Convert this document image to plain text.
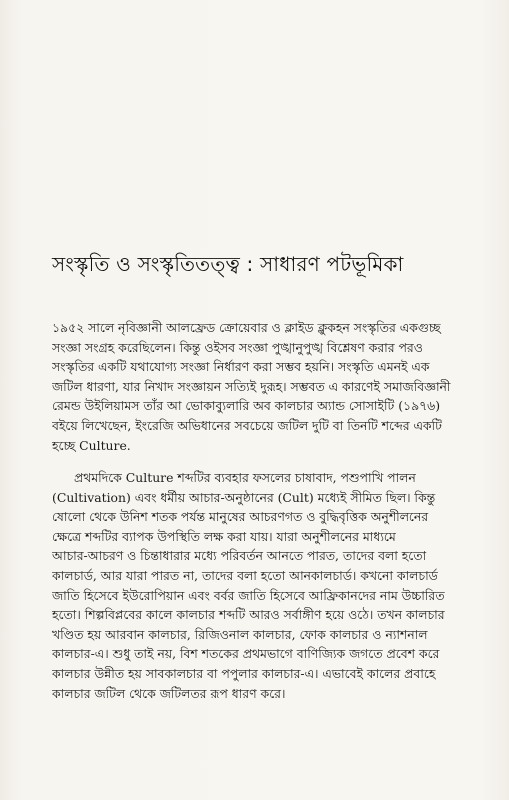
সংস্কৃতি ও সংস্কৃতিতত্ত্ব : সাধারণ পটভূমিকা

১৯৫২ সালে নৃবিজ্ঞানী আলফ্রেড ক্রোয়েবার ও ক্লাইড ক্লুকহন সংস্কৃতির একগুচ্ছ
সংজ্ঞা সংগ্রহ করেছিলেন। কিন্তু ওইসব সংজ্ঞা পুঙ্খানুপুঙ্খ বিশ্লেষণ করার পরও
সংস্কৃতির একটি যথাযোগ্য সংজ্ঞা নির্ধারণ করা সম্ভব হয়নি। সংস্কৃতি এমনই এক
জটিল ধারণা, যার নিখাদ সংজ্ঞায়ন সত্যিই দুরূহ। সম্ভবত এ কারণেই সমাজবিজ্ঞানী
রেমন্ড উইলিয়ামস তাঁর আ ভোকাব্যুলারি অব কালচার অ্যান্ড সোসাইটি (১৯৭৬)
বইয়ে লিখেছেন, ইংরেজি অভিধানের সবচেয়ে জটিল দুটি বা তিনটি শব্দের একটি
হচ্ছে Culture.

প্রথমদিকে Culture শব্দটির ব্যবহার ফসলের চাষাবাদ, পশুপাখি পালন
(Cultivation) এবং ধর্মীয় আচার-অনুষ্ঠানের (Cult) মধ্যেই সীমিত ছিল। কিন্তু
ষোলো থেকে উনিশ শতক পর্যন্ত মানুষের আচরণগত ও বুদ্ধিবৃত্তিক অনুশীলনের
ক্ষেত্রে শব্দটির ব্যাপক উপস্থিতি লক্ষ করা যায়। যারা অনুশীলনের মাধ্যমে
আচার-আচরণ ও চিন্তাধারার মধ্যে পরিবর্তন আনতে পারত, তাদের বলা হতো
কালচার্ড, আর যারা পারত না, তাদের বলা হতো আনকালচার্ড। কখনো কালচার্ড
জাতি হিসেবে ইউরোপিয়ান এবং বর্বর জাতি হিসেবে আফ্রিকানদের নাম উচ্চারিত
হতো। শিল্পবিপ্লবের কালে কালচার শব্দটি আরও সর্বাঙ্গীণ হয়ে ওঠে। তখন কালচার
খণ্ডিত হয় আরবান কালচার, রিজিওনাল কালচার, ফোক কালচার ও ন্যাশনাল
কালচার-এ। শুধু তাই নয়, বিশ শতকের প্রথমভাগে বাণিজ্যিক জগতে প্রবেশ করে
কালচার উন্নীত হয় সাবকালচার বা পপুলার কালচার-এ। এভাবেই কালের প্রবাহে
কালচার জটিল থেকে জটিলতর রূপ ধারণ করে।
